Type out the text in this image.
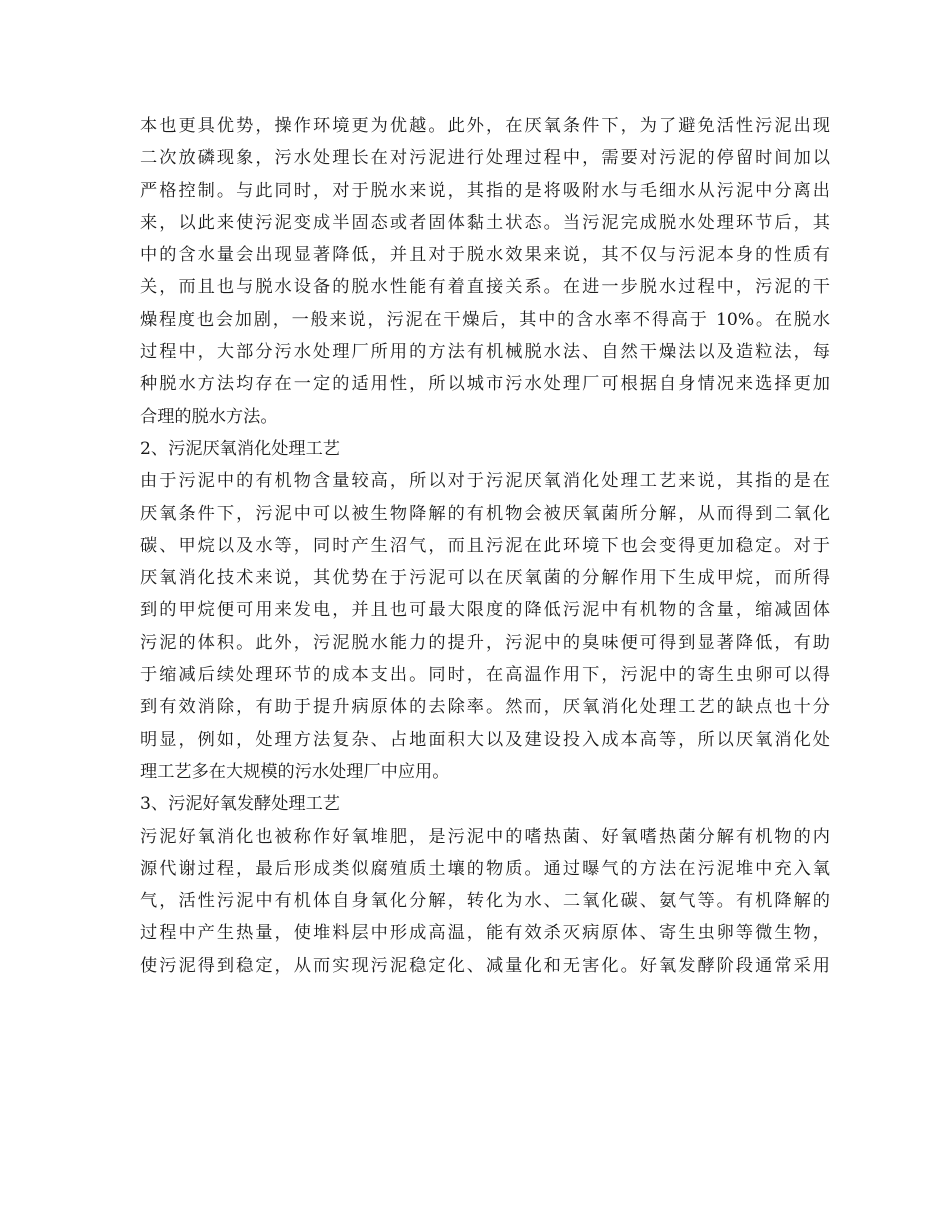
本也更具优势，操作环境更为优越。此外，在厌氧条件下，为了避免活性污泥出现
二次放磷现象，污水处理长在对污泥进行处理过程中，需要对污泥的停留时间加以
严格控制。与此同时，对于脱水来说，其指的是将吸附水与毛细水从污泥中分离出
来，以此来使污泥变成半固态或者固体黏土状态。当污泥完成脱水处理环节后，其
中的含水量会出现显著降低，并且对于脱水效果来说，其不仅与污泥本身的性质有
关，而且也与脱水设备的脱水性能有着直接关系。在进一步脱水过程中，污泥的干
燥程度也会加剧，一般来说，污泥在干燥后，其中的含水率不得高于 10%。在脱水
过程中，大部分污水处理厂所用的方法有机械脱水法、自然干燥法以及造粒法，每
种脱水方法均存在一定的适用性，所以城市污水处理厂可根据自身情况来选择更加
合理的脱水方法。
2、污泥厌氧消化处理工艺
由于污泥中的有机物含量较高，所以对于污泥厌氧消化处理工艺来说，其指的是在
厌氧条件下，污泥中可以被生物降解的有机物会被厌氧菌所分解，从而得到二氧化
碳、甲烷以及水等，同时产生沼气，而且污泥在此环境下也会变得更加稳定。对于
厌氧消化技术来说，其优势在于污泥可以在厌氧菌的分解作用下生成甲烷，而所得
到的甲烷便可用来发电，并且也可最大限度的降低污泥中有机物的含量，缩减固体
污泥的体积。此外，污泥脱水能力的提升，污泥中的臭味便可得到显著降低，有助
于缩减后续处理环节的成本支出。同时，在高温作用下，污泥中的寄生虫卵可以得
到有效消除，有助于提升病原体的去除率。然而，厌氧消化处理工艺的缺点也十分
明显，例如，处理方法复杂、占地面积大以及建设投入成本高等，所以厌氧消化处
理工艺多在大规模的污水处理厂中应用。
3、污泥好氧发酵处理工艺
污泥好氧消化也被称作好氧堆肥，是污泥中的嗜热菌、好氧嗜热菌分解有机物的内
源代谢过程，最后形成类似腐殖质土壤的物质。通过曝气的方法在污泥堆中充入氧
气，活性污泥中有机体自身氧化分解，转化为水、二氧化碳、氨气等。有机降解的
过程中产生热量，使堆料层中形成高温，能有效杀灭病原体、寄生虫卵等微生物，
使污泥得到稳定，从而实现污泥稳定化、减量化和无害化。好氧发酵阶段通常采用
